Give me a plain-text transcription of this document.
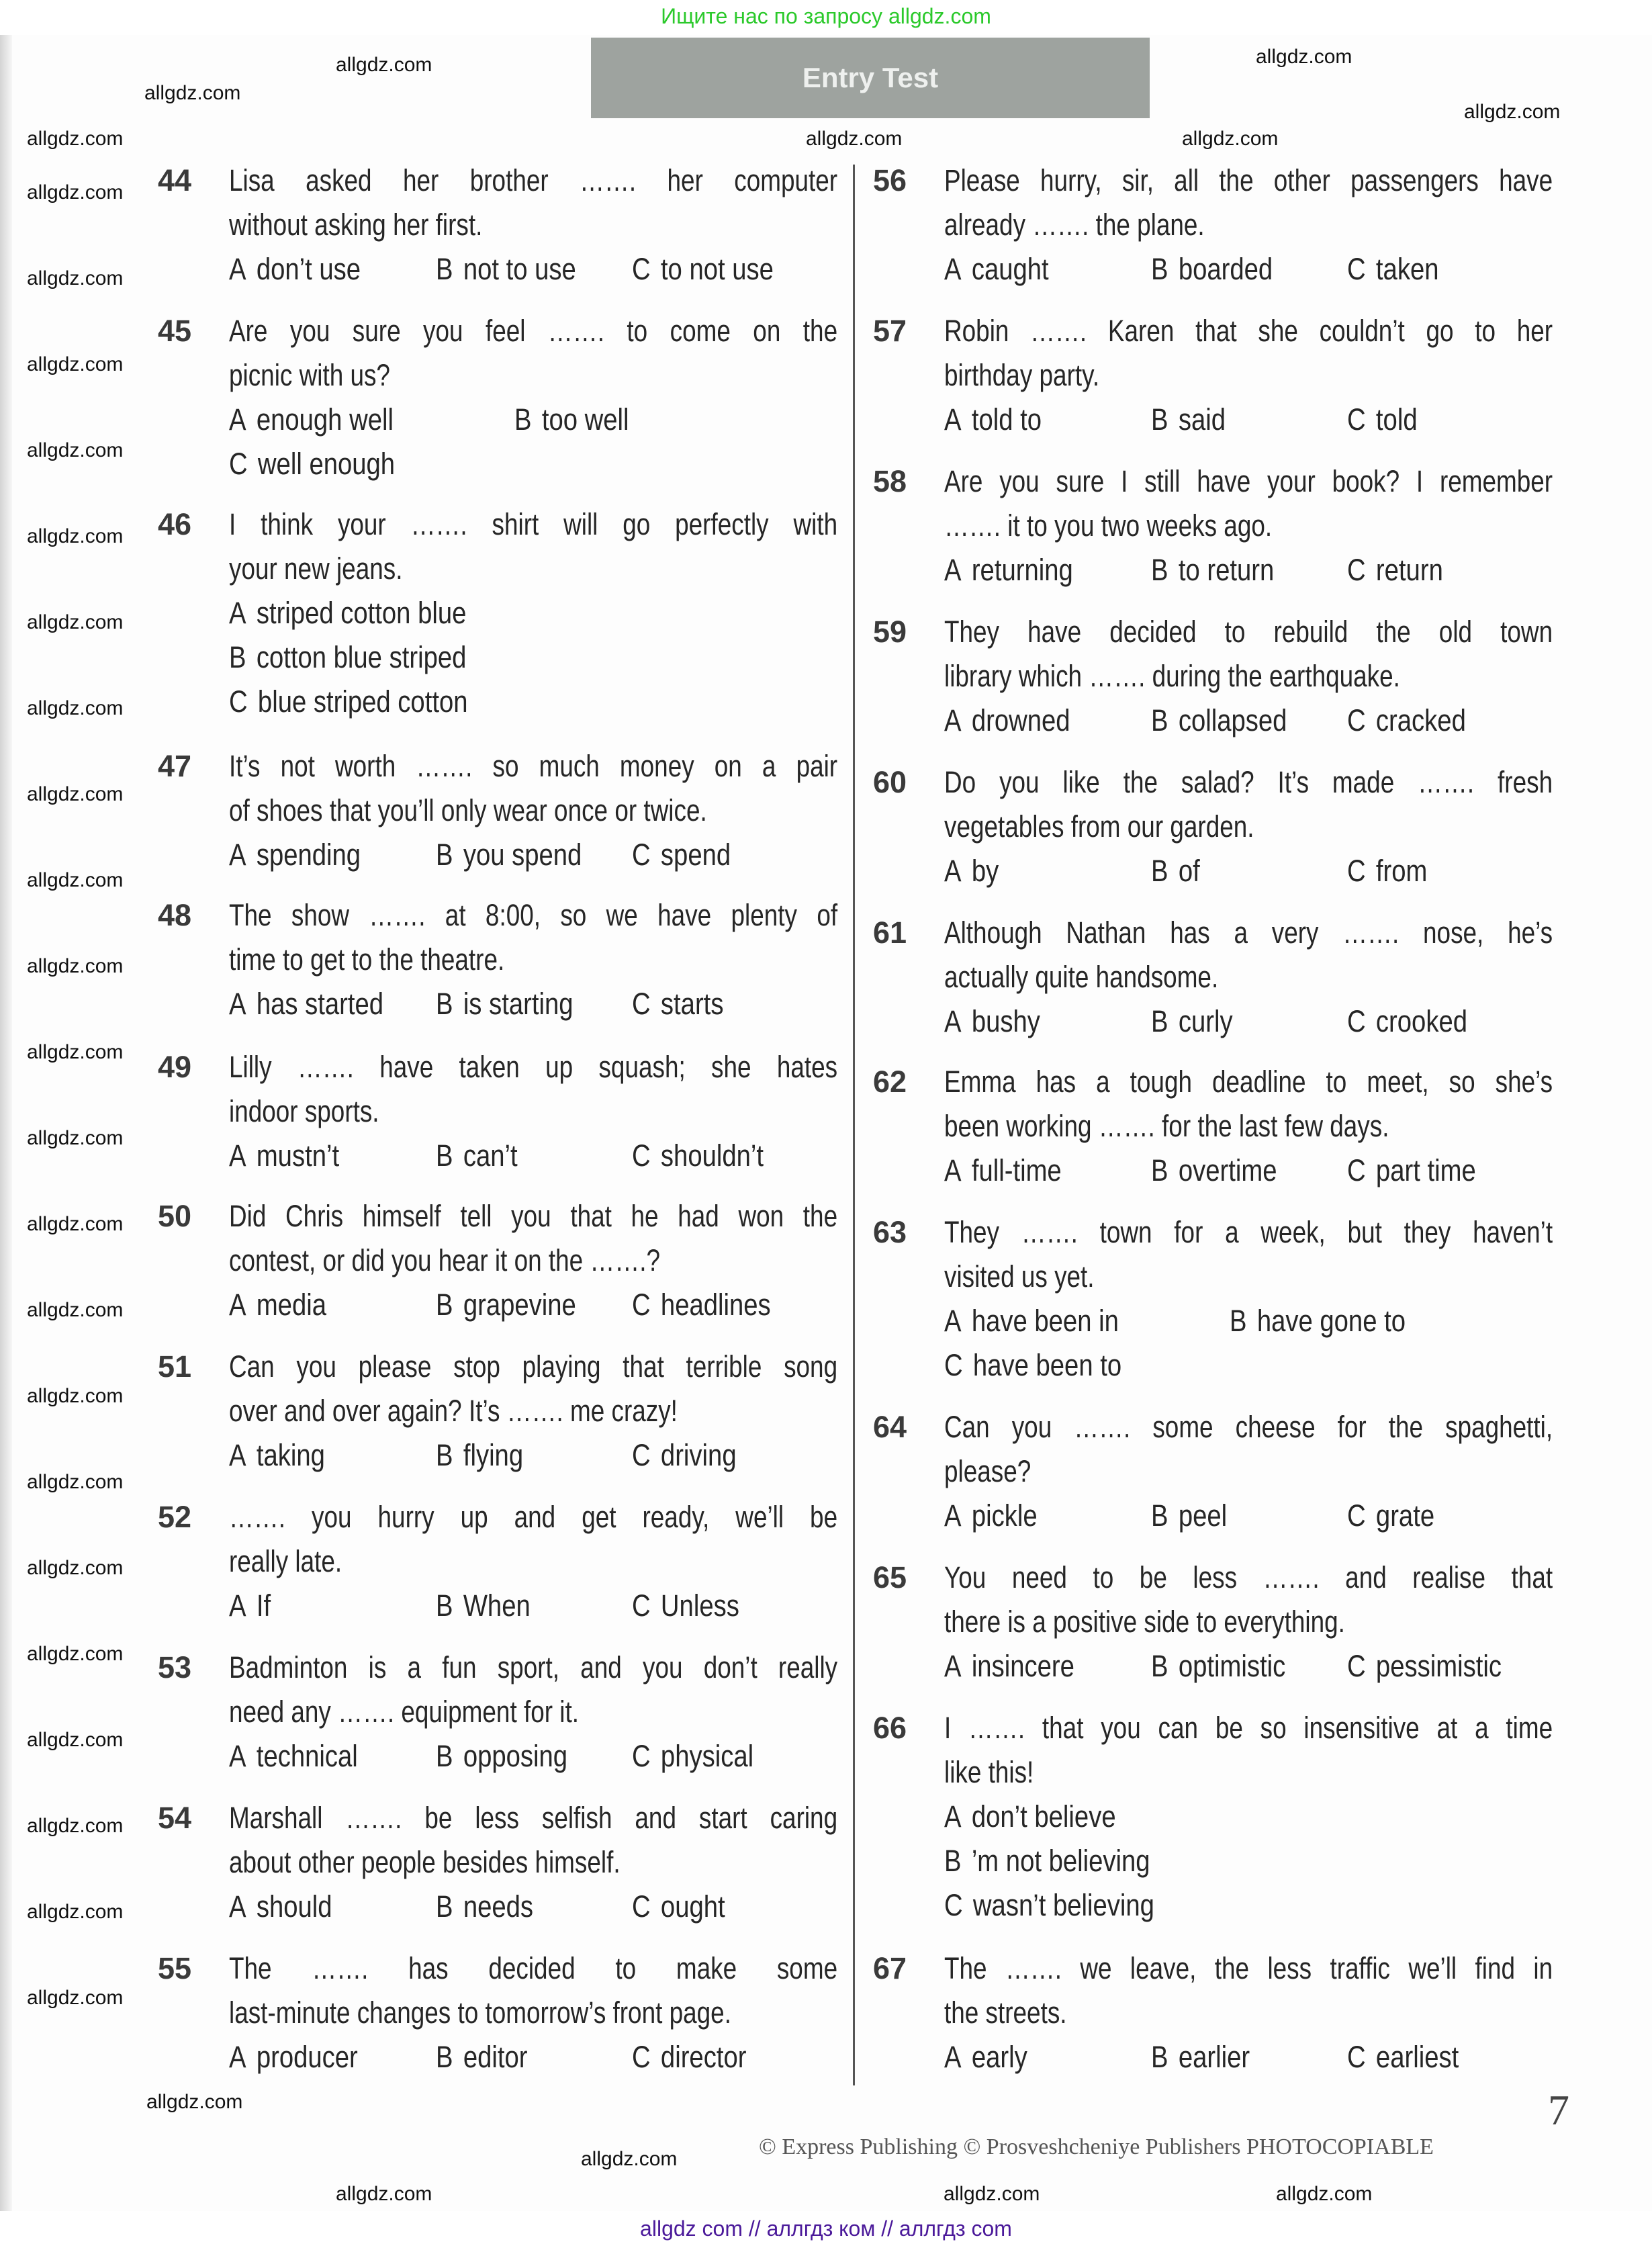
Ищите нас по запросу allgdz.com
Entry Test
44 Lisa asked her brother ……. her computer
without asking her first.
A don’t use B not to use C to not use
45 Are you sure you feel ……. to come on the
picnic with us?
A enough well	B too well
C well enough
46 I think your ……. shirt will go perfectly with
your new jeans.
A striped cotton blue
B cotton blue striped
C blue striped cotton
47 It’s not worth ……. so much money on a pair
of shoes that you’ll only wear once or twice.
A spending B you spend C spend
48 The show ……. at 8:00, so we have plenty of
time to get to the theatre.
A has started B is starting C starts
49 Lilly ……. have taken up squash; she hates
indoor sports.
A mustn’t	B can’t	C shouldn’t
50 Did Chris himself tell you that he had won the
contest, or did you hear it on the …….?
A media	B grapevine C headlines
51 Can you please stop playing that terrible song
over and over again? It’s ……. me crazy!
A taking	B flying	C driving
52 ……. you hurry up and get ready, we’ll be
really late.
A If	B When	C Unless
53 Badminton is a fun sport, and you don’t really
need any ……. equipment for it.
A technical	B opposing C physical
54 Marshall ……. be less selfish and start caring
about other people besides himself.
A should	B needs	C ought
55 The ……. has decided to make some
last-minute changes to tomorrow’s front page.
A producer	B editor	C director
56 Please hurry, sir, all the other passengers have
already ……. the plane.
A caught	B boarded C taken
57 Robin ……. Karen that she couldn’t go to her
birthday party.
A told to	B said	C told
58 Are you sure I still have your book? I remember
……. it to you two weeks ago.
A returning	B to return C return
59 They have decided to rebuild the old town
library which ……. during the earthquake.
A drowned	B collapsed C cracked
60 Do you like the salad? It’s made ……. fresh
vegetables from our garden.
A by	B of	C from
61 Although Nathan has a very ……. nose, he’s
actually quite handsome.
A bushy	B curly	C crooked
62 Emma has a tough deadline to meet, so she’s
been working ……. for the last few days.
A full-time	B overtime C part time
63 They ……. town for a week, but they haven’t
visited us yet.
A have been in	B have gone to
C have been to
64 Can you ……. some cheese for the spaghetti,
please?
A pickle	B peel	C grate
65 You need to be less ……. and realise that
there is a positive side to everything.
A insincere	B optimistic C pessimistic
66 I ……. that you can be so insensitive at a time
like this!
A don’t believe
B ’m not believing
C wasn’t believing
67 The ……. we leave, the less traffic we’ll find in
the streets.
A early	B earlier	C earliest
allgdz.com
allgdz.com
allgdz.com
allgdz.com
allgdz.com
allgdz.com	allgdz.com
allgdz.com
allgdz.com
allgdz.com
allgdz.com
allgdz.com
allgdz.com
allgdz.com
allgdz.com
allgdz.com
allgdz.com
allgdz.com
allgdz.com
allgdz.com
allgdz.com
allgdz.com
allgdz.com
allgdz.com
allgdz.com
allgdz.com
allgdz.com
allgdz.com
allgdz.com
allgdz.com
allgdz.com
allgdz.com
allgdz.com	allgdz.com
© Express Publishing © Prosveshcheniye Publishers PHOTOCOPIABLE
7
allgdz com // аллгдз ком // аллгдз com
